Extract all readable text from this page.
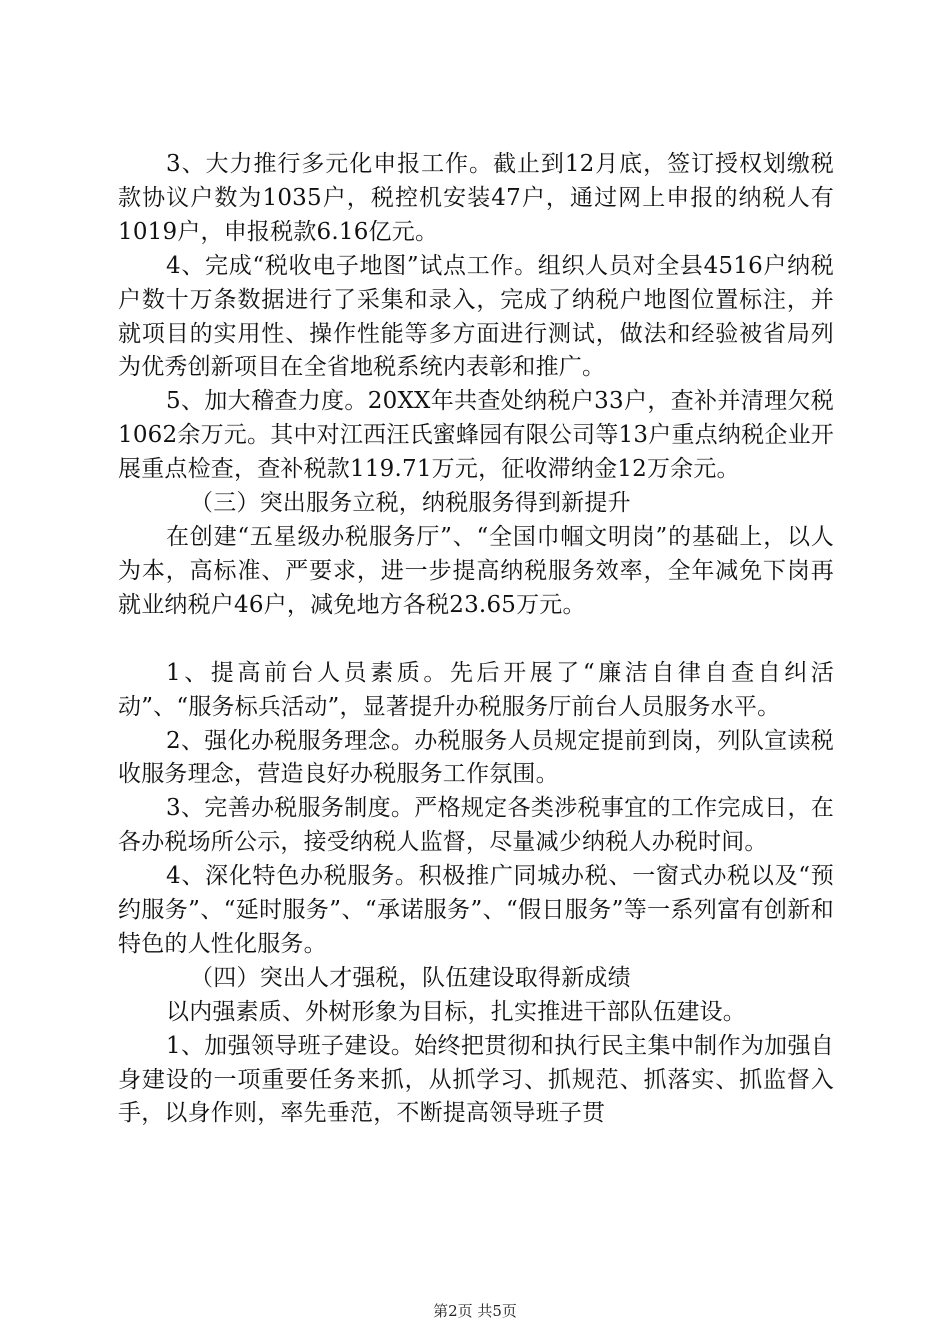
3、大力推行多元化申报工作。截止到12月底，签订授权划缴税款协议户数为1035户，税控机安装47户，通过网上申报的纳税人有1019户，申报税款6.16亿元。

4、完成“税收电子地图”试点工作。组织人员对全县4516户纳税户数十万条数据进行了采集和录入，完成了纳税户地图位置标注，并就项目的实用性、操作性能等多方面进行测试，做法和经验被省局列为优秀创新项目在全省地税系统内表彰和推广。

5、加大稽查力度。20XX年共查处纳税户33户，查补并清理欠税1062余万元。其中对江西汪氏蜜蜂园有限公司等13户重点纳税企业开展重点检查，查补税款119.71万元，征收滞纳金12万余元。

（三）突出服务立税，纳税服务得到新提升

在创建“五星级办税服务厅”、“全国巾帼文明岗”的基础上，以人为本，高标准、严要求，进一步提高纳税服务效率，全年减免下岗再就业纳税户46户，减免地方各税23.65万元。

1、提高前台人员素质。先后开展了“廉洁自律自查自纠活动”、“服务标兵活动”，显著提升办税服务厅前台人员服务水平。

2、强化办税服务理念。办税服务人员规定提前到岗，列队宣读税收服务理念，营造良好办税服务工作氛围。

3、完善办税服务制度。严格规定各类涉税事宜的工作完成日，在各办税场所公示，接受纳税人监督，尽量减少纳税人办税时间。

4、深化特色办税服务。积极推广同城办税、一窗式办税以及“预约服务”、“延时服务”、“承诺服务”、“假日服务”等一系列富有创新和特色的人性化服务。

（四）突出人才强税，队伍建设取得新成绩

以内强素质、外树形象为目标，扎实推进干部队伍建设。

1、加强领导班子建设。始终把贯彻和执行民主集中制作为加强自身建设的一项重要任务来抓，从抓学习、抓规范、抓落实、抓监督入手，以身作则，率先垂范，不断提高领导班子贯

第2页 共5页
